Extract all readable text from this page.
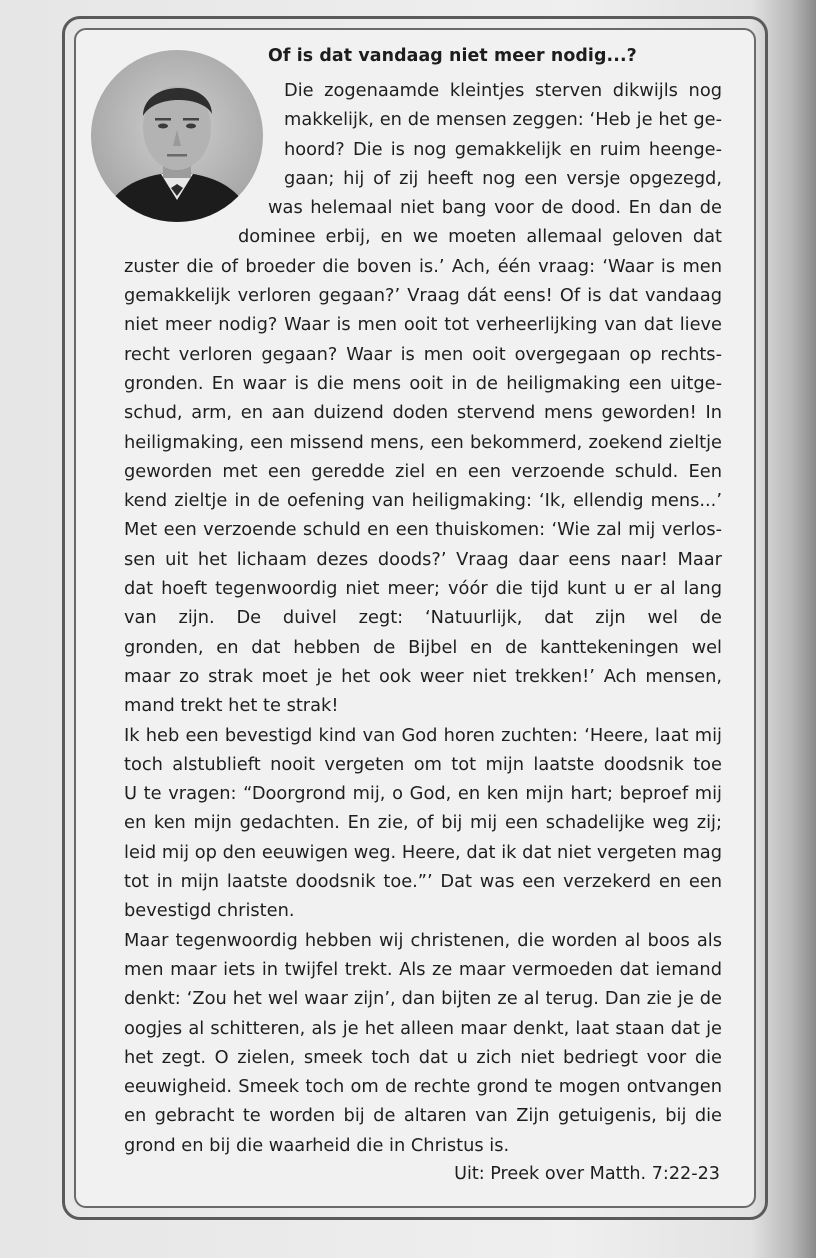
Of is dat vandaag niet meer nodig...?
Die zogenaamde kleintjes sterven dikwijls nog
makkelijk, en de mensen zeggen: ‘Heb je het ge-
hoord? Die is nog gemakkelijk en ruim heenge-
gaan; hij of zij heeft nog een versje opgezegd,
was helemaal niet bang voor de dood. En dan de
dominee erbij, en we moeten allemaal geloven dat
zuster die of broeder die boven is.’ Ach, één vraag: ‘Waar is men
gemakkelijk verloren gegaan?’ Vraag dát eens! Of is dat vandaag
niet meer nodig? Waar is men ooit tot verheerlijking van dat lieve
recht verloren gegaan? Waar is men ooit overgegaan op rechts-
gronden. En waar is die mens ooit in de heiligmaking een uitge-
schud, arm, en aan duizend doden stervend mens geworden! In
heiligmaking, een missend mens, een bekommerd, zoekend zieltje
geworden met een geredde ziel en een verzoende schuld. Een
kend zieltje in de oefening van heiligmaking: ‘Ik, ellendig mens...’
Met een verzoende schuld en een thuiskomen: ‘Wie zal mij verlos-
sen uit het lichaam dezes doods?’ Vraag daar eens naar! Maar
dat hoeft tegenwoordig niet meer; vóór die tijd kunt u er al lang
van zijn. De duivel zegt: ‘Natuurlijk, dat zijn wel de
gronden, en dat hebben de Bijbel en de kanttekeningen wel
maar zo strak moet je het ook weer niet trekken!’ Ach mensen,
mand trekt het te strak!
Ik heb een bevestigd kind van God horen zuchten: ‘Heere, laat mij
toch alstublieft nooit vergeten om tot mijn laatste doodsnik toe
U te vragen: “Doorgrond mij, o God, en ken mijn hart; beproef mij
en ken mijn gedachten. En zie, of bij mij een schadelijke weg zij;
leid mij op den eeuwigen weg. Heere, dat ik dat niet vergeten mag
tot in mijn laatste doodsnik toe.”’ Dat was een verzekerd en een
bevestigd christen.
Maar tegenwoordig hebben wij christenen, die worden al boos als
men maar iets in twijfel trekt. Als ze maar vermoeden dat iemand
denkt: ‘Zou het wel waar zijn’, dan bijten ze al terug. Dan zie je de
oogjes al schitteren, als je het alleen maar denkt, laat staan dat je
het zegt. O zielen, smeek toch dat u zich niet bedriegt voor die
eeuwigheid. Smeek toch om de rechte grond te mogen ontvangen
en gebracht te worden bij de altaren van Zijn getuigenis, bij die
grond en bij die waarheid die in Christus is.
Uit: Preek over Matth. 7:22-23
